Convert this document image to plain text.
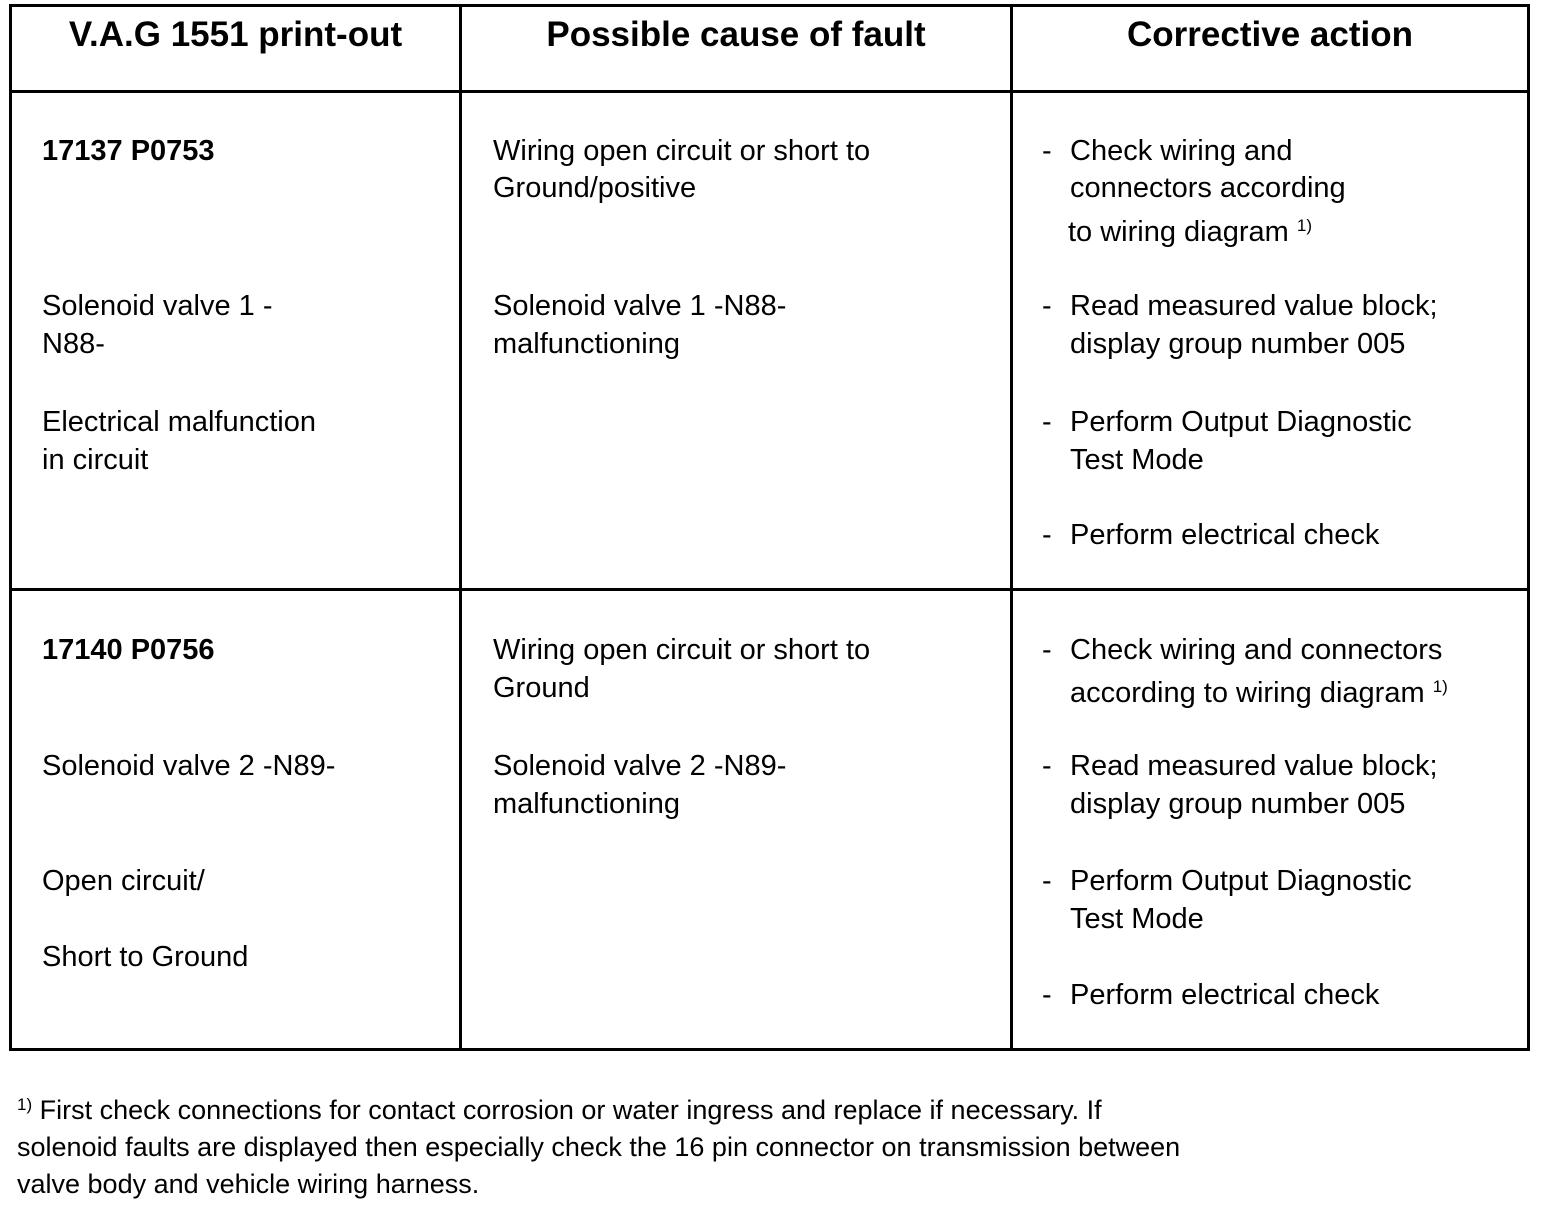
V.A.G 1551 print-out	Possible cause of fault	Corrective action
17137 P0753
Solenoid valve 1 -
N88-
Electrical malfunction
in circuit
Wiring open circuit or short to
Ground/positive
Solenoid valve 1 -N88-
malfunctioning
- Check wiring and
connectors according
to wiring diagram $^{1)}$
- Read measured value block;
display group number 005
- Perform Output Diagnostic
Test Mode
- Perform electrical check
17140 P0756
Solenoid valve 2 -N89-
Open circuit/
Short to Ground
Wiring open circuit or short to
Ground
Solenoid valve 2 -N89-
malfunctioning
- Check wiring and connectors
according to wiring diagram $^{1)}$
- Read measured value block;
display group number 005
- Perform Output Diagnostic
Test Mode
- Perform electrical check
$^{1)}$ First check connections for contact corrosion or water ingress and replace if necessary. If
solenoid faults are displayed then especially check the 16 pin connector on transmission between
valve body and vehicle wiring harness.
